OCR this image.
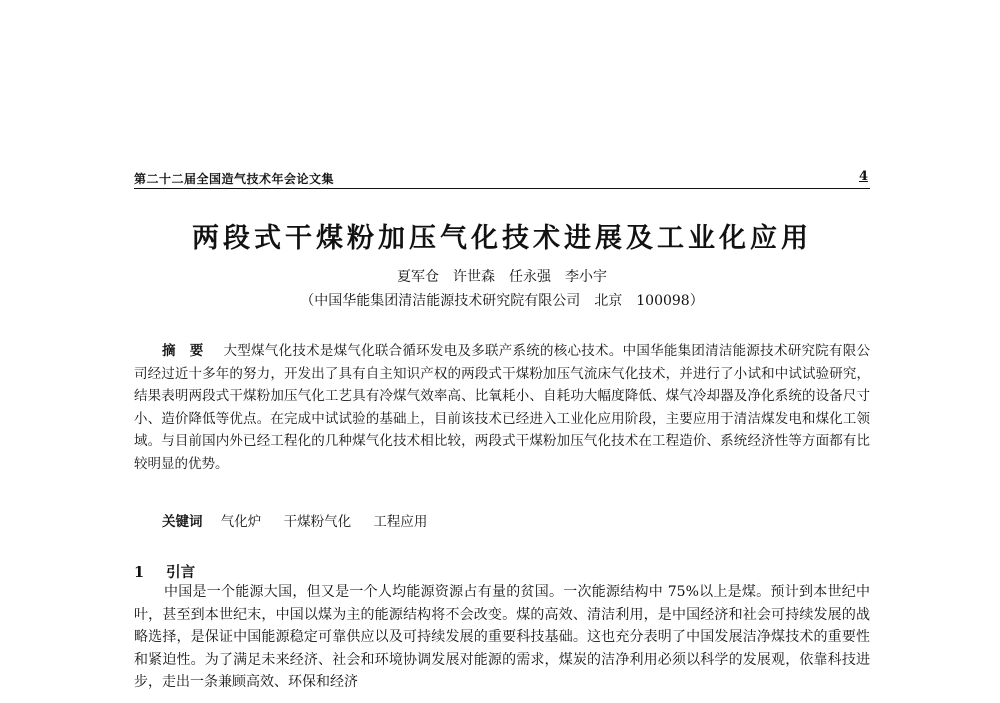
第二十二届全国造气技术年会论文集	4
两段式干煤粉加压气化技术进展及工业化应用
夏军仓　许世森　任永强　李小宇
（中国华能集团清洁能源技术研究院有限公司　北京　100098）
摘要 大型煤气化技术是煤气化联合循环发电及多联产系统的核心技术。中国华能集团清洁能源技术研究院有限公司经过近十多年的努力，开发出了具有自主知识产权的两段式干煤粉加压气流床气化技术，并进行了小试和中试试验研究，结果表明两段式干煤粉加压气化工艺具有冷煤气效率高、比氧耗小、自耗功大幅度降低、煤气冷却器及净化系统的设备尺寸小、造价降低等优点。在完成中试试验的基础上，目前该技术已经进入工业化应用阶段，主要应用于清洁煤发电和煤化工领域。与目前国内外已经工程化的几种煤气化技术相比较，两段式干煤粉加压气化技术在工程造价、系统经济性等方面都有比较明显的优势。
关键词 气化炉 干煤粉气化 工程应用
1 引言
中国是一个能源大国，但又是一个人均能源资源占有量的贫国。一次能源结构中 75%以上是煤。预计到本世纪中叶，甚至到本世纪末，中国以煤为主的能源结构将不会改变。煤的高效、清洁利用，是中国经济和社会可持续发展的战略选择，是保证中国能源稳定可靠供应以及可持续发展的重要科技基础。这也充分表明了中国发展洁净煤技术的重要性和紧迫性。为了满足未来经济、社会和环境协调发展对能源的需求，煤炭的洁净利用必须以科学的发展观，依靠科技进步，走出一条兼顾高效、环保和经济
